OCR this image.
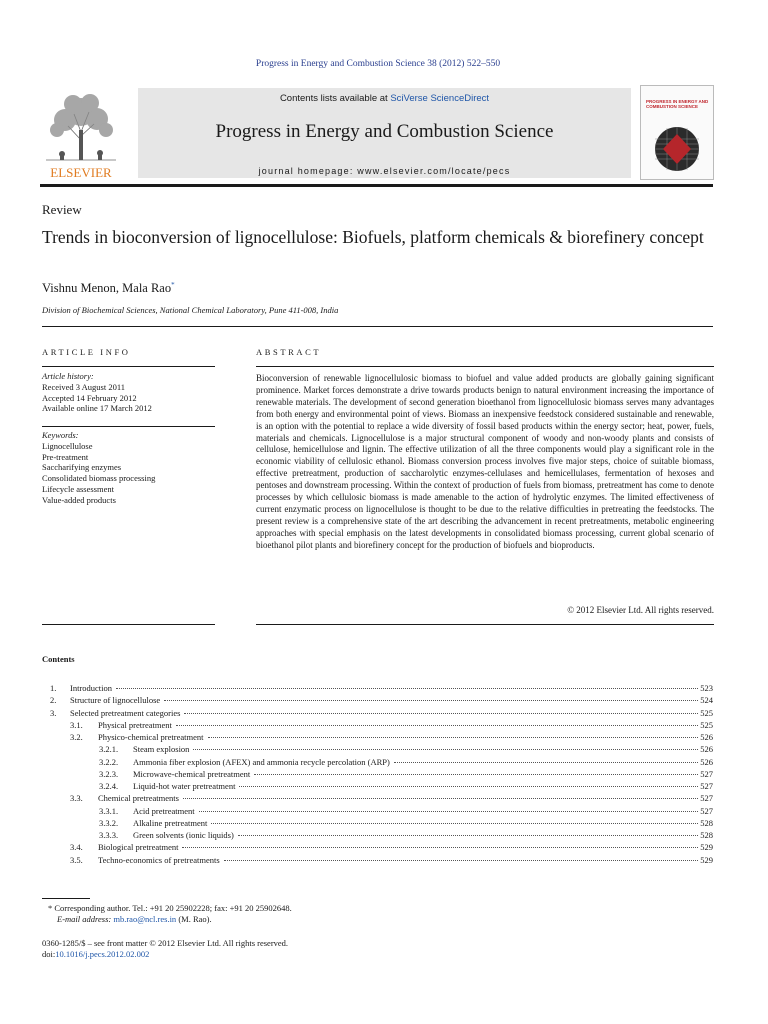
Progress in Energy and Combustion Science 38 (2012) 522–550
ELSEVIER
Contents lists available at SciVerse ScienceDirect
Progress in Energy and Combustion Science
journal homepage: www.elsevier.com/locate/pecs
PROGRESS IN ENERGY AND COMBUSTION SCIENCE
Review
Trends in bioconversion of lignocellulose: Biofuels, platform chemicals & biorefinery concept
Vishnu Menon, Mala Rao*
Division of Biochemical Sciences, National Chemical Laboratory, Pune 411-008, India
ARTICLE INFO
Article history:
Received 3 August 2011
Accepted 14 February 2012
Available online 17 March 2012
Keywords:
Lignocellulose
Pre-treatment
Saccharifying enzymes
Consolidated biomass processing
Lifecycle assessment
Value-added products
ABSTRACT
Bioconversion of renewable lignocellulosic biomass to biofuel and value added products are globally gaining significant prominence. Market forces demonstrate a drive towards products benign to natural environment increasing the importance of renewable materials. The development of second generation bioethanol from lignocellulosic biomass serves many advantages from both energy and environmental point of views. Biomass an inexpensive feedstock considered sustainable and renewable, is an option with the potential to replace a wide diversity of fossil based products within the energy sector; heat, power, fuels, materials and chemicals. Lignocellulose is a major structural component of woody and non-woody plants and consists of cellulose, hemicellulose and lignin. The effective utilization of all the three components would play a significant role in the economic viability of cellulosic ethanol. Biomass conversion process involves five major steps, choice of suitable biomass, effective pretreatment, production of saccharolytic enzymes-cellulases and hemicellulases, fermentation of hexoses and pentoses and downstream processing. Within the context of production of fuels from biomass, pretreatment has come to denote processes by which cellulosic biomass is made amenable to the action of hydrolytic enzymes. The limited effectiveness of current enzymatic process on lignocellulose is thought to be due to the relative difficulties in pretreating the feedstocks. The present review is a comprehensive state of the art describing the advancement in recent pretreatments, metabolic engineering approaches with special emphasis on the latest developments in consolidated biomass processing, current global scenario of bioethanol pilot plants and biorefinery concept for the production of biofuels and bioproducts.
© 2012 Elsevier Ltd. All rights reserved.
Contents
1.	Introduction	523
2.	Structure of lignocellulose	524
3.	Selected pretreatment categories	525
3.1.	Physical pretreatment	525
3.2.	Physico-chemical pretreatment	526
3.2.1.	Steam explosion	526
3.2.2.	Ammonia fiber explosion (AFEX) and ammonia recycle percolation (ARP)	526
3.2.3.	Microwave-chemical pretreatment	527
3.2.4.	Liquid-hot water pretreatment	527
3.3.	Chemical pretreatments	527
3.3.1.	Acid pretreatment	527
3.3.2.	Alkaline pretreatment	528
3.3.3.	Green solvents (ionic liquids)	528
3.4.	Biological pretreatment	529
3.5.	Techno-economics of pretreatments	529
* Corresponding author. Tel.: +91 20 25902228; fax: +91 20 25902648.
E-mail address: mb.rao@ncl.res.in (M. Rao).
0360-1285/$ – see front matter © 2012 Elsevier Ltd. All rights reserved.
doi:10.1016/j.pecs.2012.02.002
